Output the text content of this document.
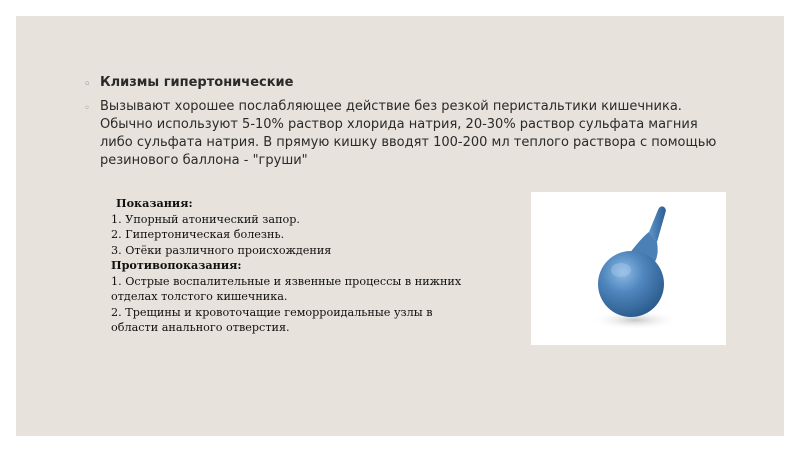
◦ Клизмы гипертонические
◦ Вызывают хорошее послабляющее действие без резкой перистальтики кишечника. Обычно используют 5-10% раствор хлорида натрия, 20-30% раствор сульфата магния либо сульфата натрия. В прямую кишку вводят 100-200 мл теплого раствора с помощью резинового баллона - "груши"
Показания:
1. Упорный атонический запор.
2. Гипертоническая болезнь.
3. Отёки различного происхождения
Противопоказания:
1. Острые воспалительные и язвенные процессы в нижних
отделах толстого кишечника.
2. Трещины и кровоточащие геморроидальные узлы в
области анального отверстия.
